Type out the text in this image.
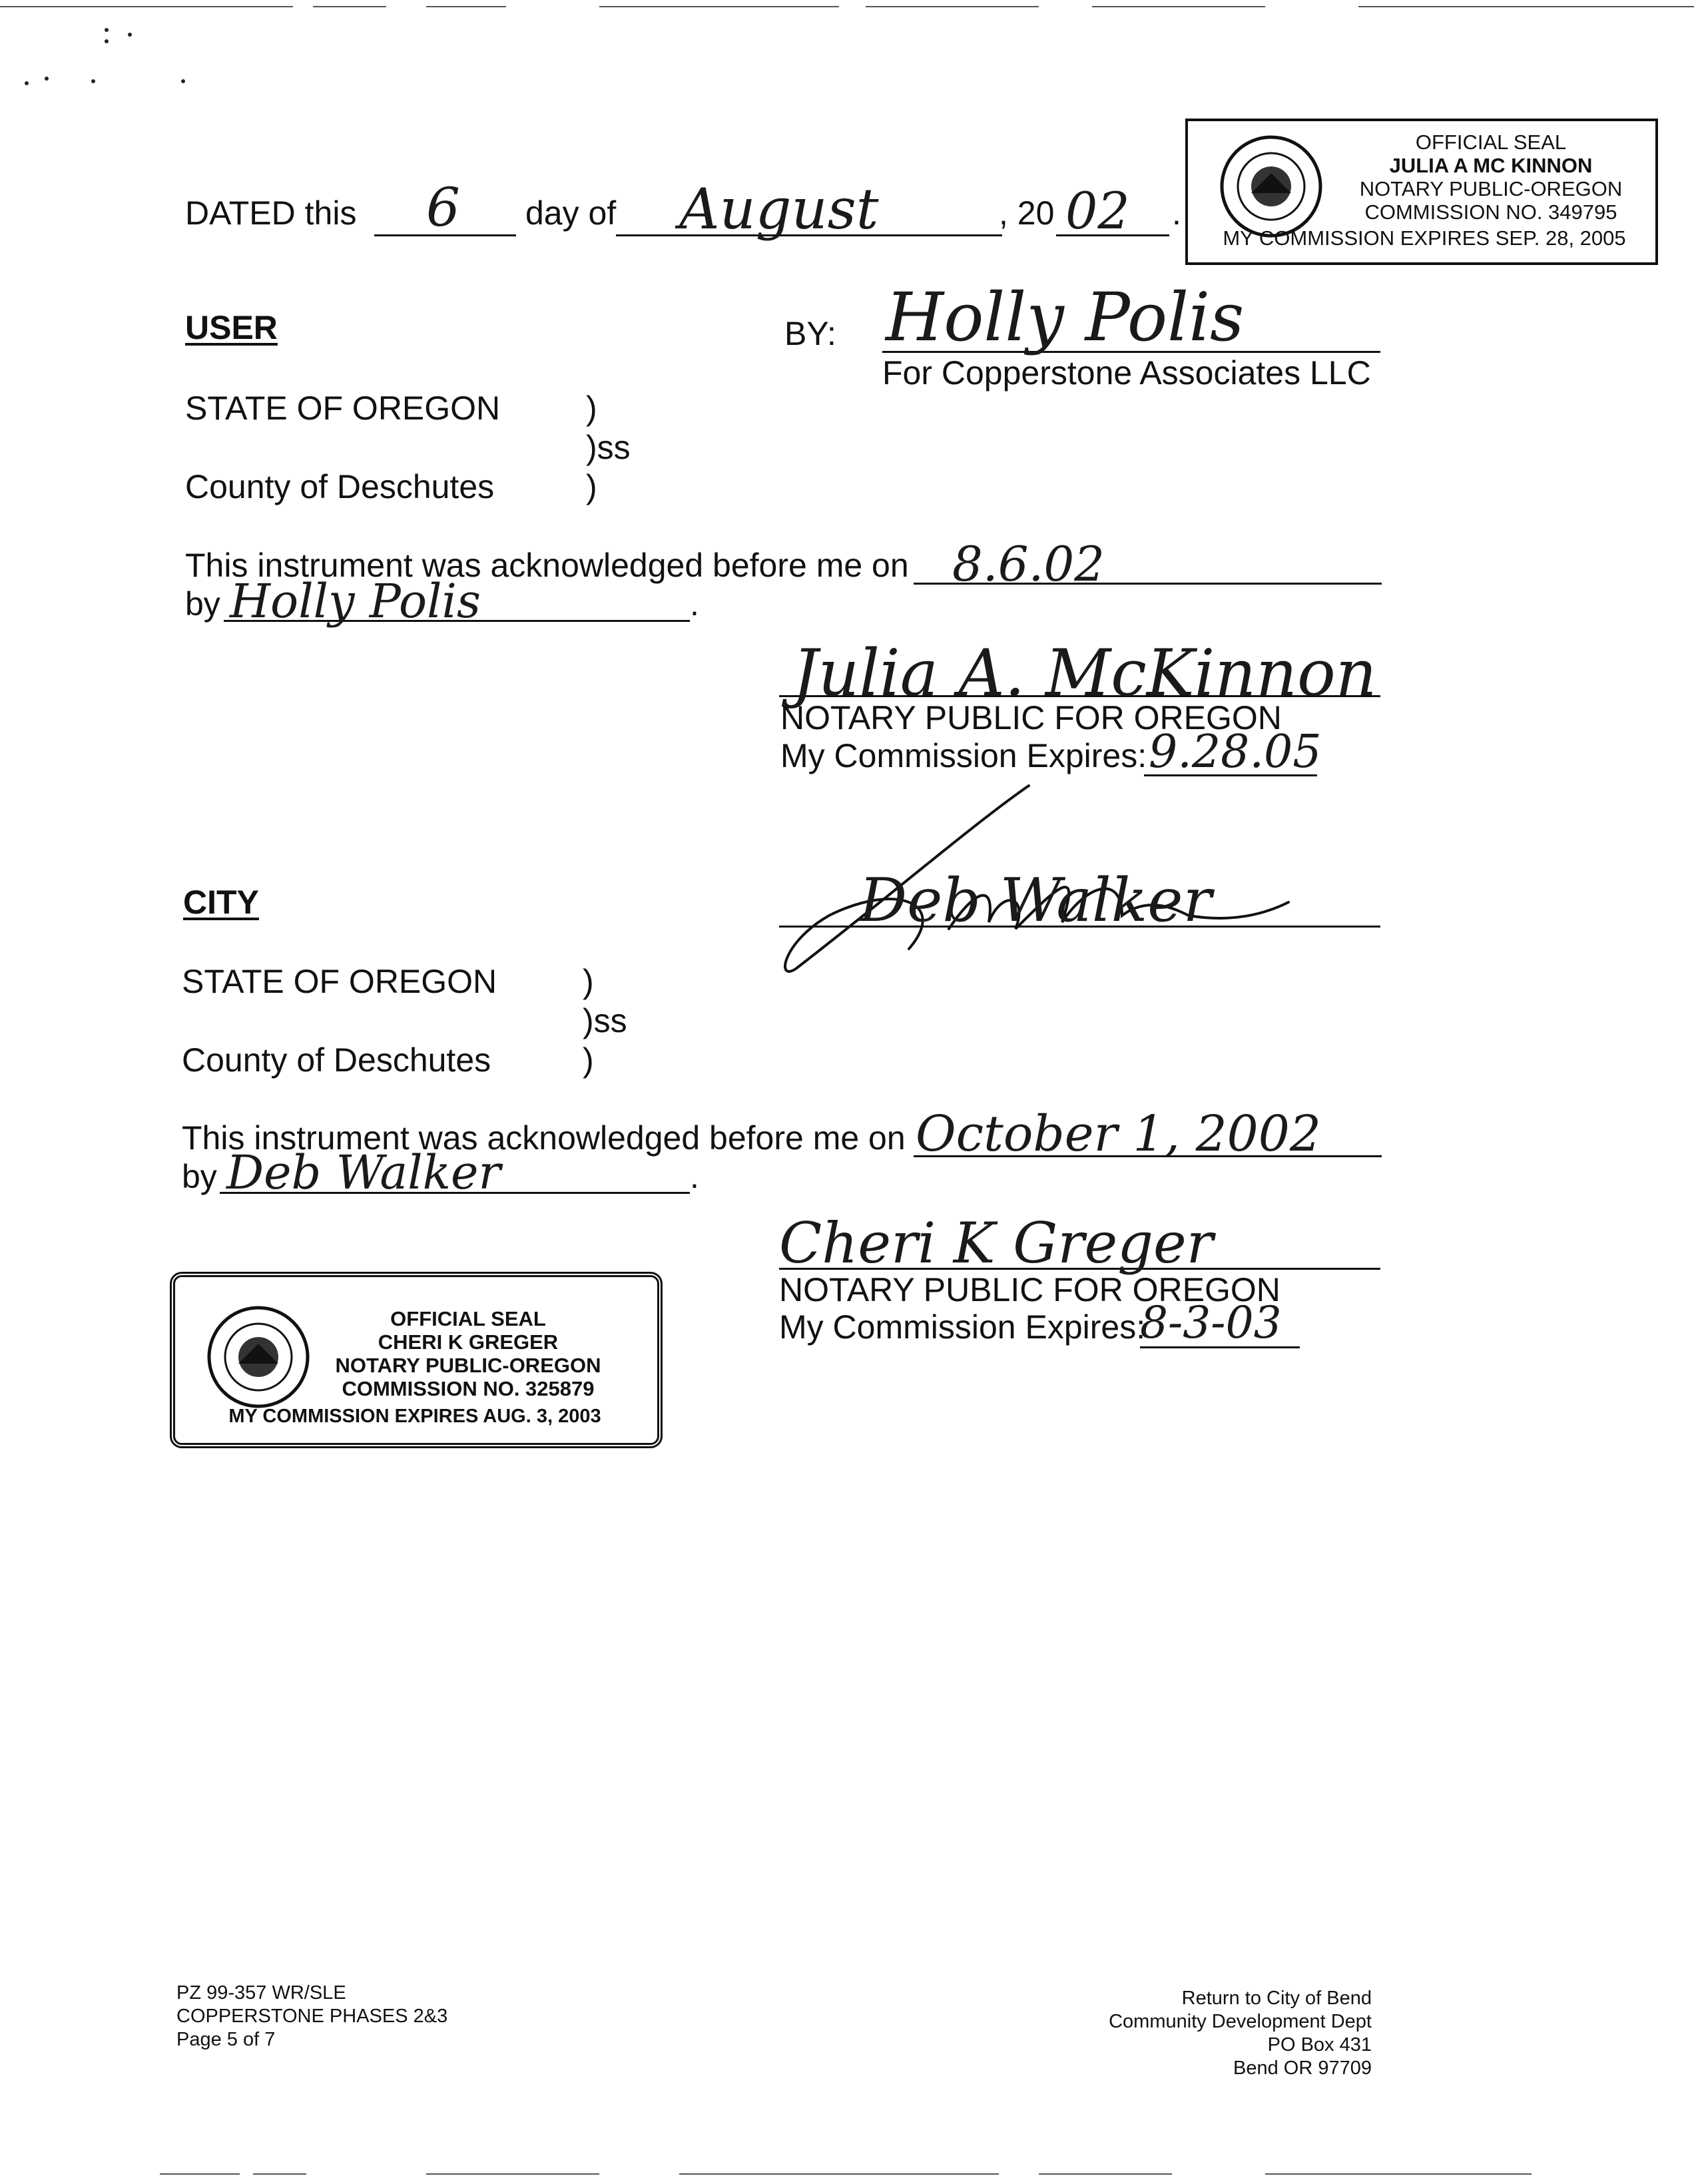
DATED this 6 day of August	, 20 02 .
OFFICIAL SEAL
JULIA A MC KINNON
NOTARY PUBLIC-OREGON
COMMISSION NO. 349795
MY COMMISSION EXPIRES SEP. 28, 2005
USER	BY: Holly Polis
For Copperstone Associates LLC
STATE OF OREGON	)
)ss
County of Deschutes	)
This instrument was acknowledged before me on 8.6.02
by Holly Polis	.
Julia A. McKinnon
NOTARY PUBLIC FOR OREGON
My Commission Expires: 9.28.05
CITY	Deb Walker
STATE OF OREGON	)
)ss
County of Deschutes	)
This instrument was acknowledged before me on October 1, 2002
by Deb Walker	.
Cheri K Greger
NOTARY PUBLIC FOR OREGON
My Commission Expires:
8-3-03
OFFICIAL SEAL
CHERI K GREGER
NOTARY PUBLIC-OREGON
COMMISSION NO. 325879
MY COMMISSION EXPIRES AUG. 3, 2003
PZ 99-357 WR/SLE
COPPERSTONE PHASES 2&3
Page 5 of 7
Return to City of Bend
Community Development Dept
PO Box 431
Bend OR 97709
